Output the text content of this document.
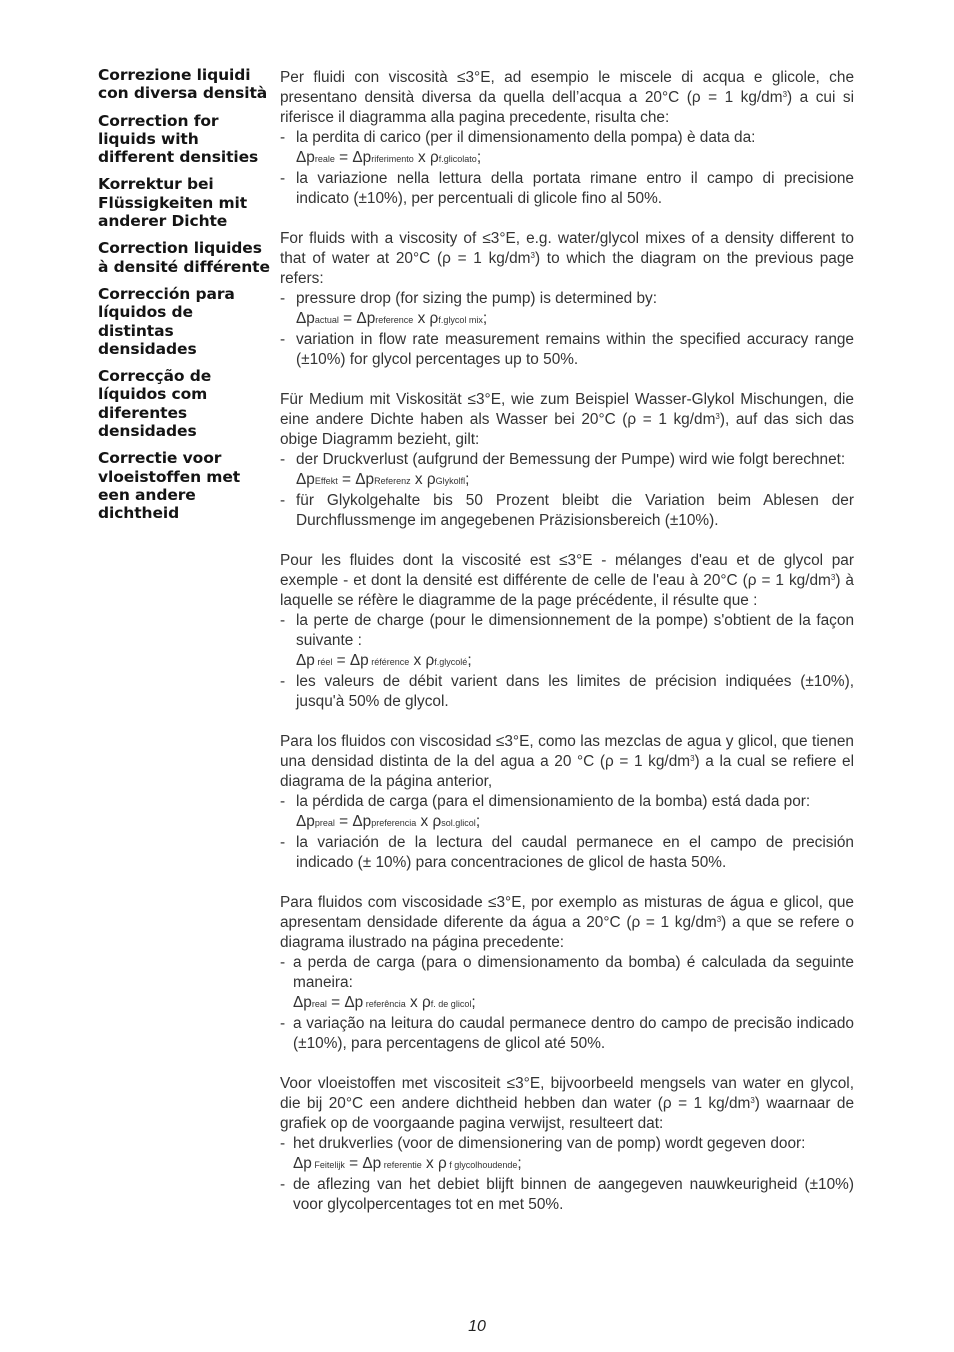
Correzione liquidi con diversa densità
Correction for liquids with different densities
Korrektur bei Flüssigkeiten mit anderer Dichte
Correction liquides à densité différente
Corrección para líquidos de distintas densidades
Correcção de líquidos com diferentes densidades
Correctie voor vloeistoffen met een andere dichtheid

Per fluidi con viscosità ≤3°E, ad esempio le miscele di acqua e glicole, che presentano densità diversa da quella dell’acqua a 20°C (ρ = 1 $kg/dm^3$) a cui si riferisce il diagramma alla pagina precedente, risulta che:

- la perdita di carico (per il dimensionamento della pompa) è data da:
Δpreale = Δpriferimento x ρf.glicolato;
- la variazione nella lettura della portata rimane entro il campo di precisione indicato (±10%), per percentuali di glicole fino al 50%.

For fluids with a viscosity of ≤3°E, e.g. water/glycol mixes of a density different to that of water at 20°C (ρ = 1 $kg/dm^3$) to which the diagram on the previous page refers:

- pressure drop (for sizing the pump) is determined by:
Δpactual = Δpreference x ρf.glycol mix;
- variation in flow rate measurement remains within the specified accuracy range (±10%) for glycol percentages up to 50%.

Für Medium mit Viskosität ≤3°E, wie zum Beispiel Wasser-Glykol Mischungen, die eine andere Dichte haben als Wasser bei 20°C (ρ = 1 $kg/dm^3$), auf das sich das obige Diagramm bezieht, gilt:

- der Druckverlust (aufgrund der Bemessung der Pumpe) wird wie folgt berechnet:
ΔpEffekt = ΔpReferenz x ρGlykolfl;
- für Glykolgehalte bis 50 Prozent bleibt die Variation beim Ablesen der Durchflussmenge im angegebenen Präzisionsbereich (±10%).

Pour les fluides dont la viscosité est ≤3°E - mélanges d'eau et de glycol par exemple - et dont la densité est différente de celle de l'eau à 20°C (ρ = 1 $kg/dm^3$) à laquelle se réfère le diagramme de la page précédente, il résulte que :

- la perte de charge (pour le dimensionnement de la pompe) s'obtient de la façon suivante :
Δp réel = Δp référence x ρf.glycolé;
- les valeurs de débit varient dans les limites de précision indiquées (±10%), jusqu'à 50% de glycol.

Para los fluidos con viscosidad ≤3°E, como las mezclas de agua y glicol, que tienen una densidad distinta de la del agua a 20 °C (ρ = 1 $kg/dm^3$) a la cual se refiere el diagrama de la página anterior,

- la pérdida de carga (para el dimensionamiento de la bomba) está dada por:
Δppreal = Δppreferencia x ρsol.glicol;
- la variación de la lectura del caudal permanece en el campo de precisión indicado (± 10%) para concentraciones de glicol de hasta 50%.

Para fluidos com viscosidade ≤3°E, por exemplo as misturas de água e glicol, que apresentam densidade diferente da água a 20°C (ρ = 1 $kg/dm^3$) a que se refere o diagrama ilustrado na página precedente:

- a perda de carga (para o dimensionamento da bomba) é calculada da seguinte maneira:
Δpreal = Δp referência x ρf. de glicol;
- a variação na leitura do caudal permanece dentro do campo de precisão indicado (±10%), para percentagens de glicol até 50%.

Voor vloeistoffen met viscositeit ≤3°E, bijvoorbeeld mengsels van water en glycol, die bij 20°C een andere dichtheid hebben dan water (ρ = 1 $kg/dm^3$) waarnaar de grafiek op de voorgaande pagina verwijst, resulteert dat:

- het drukverlies (voor de dimensionering van de pomp) wordt gegeven door:
Δp Feitelijk = Δp referentie x ρ f glycolhoudende;
- de aflezing van het debiet blijft binnen de aangegeven nauwkeurigheid (±10%) voor glycolpercentages tot en met 50%.
10
